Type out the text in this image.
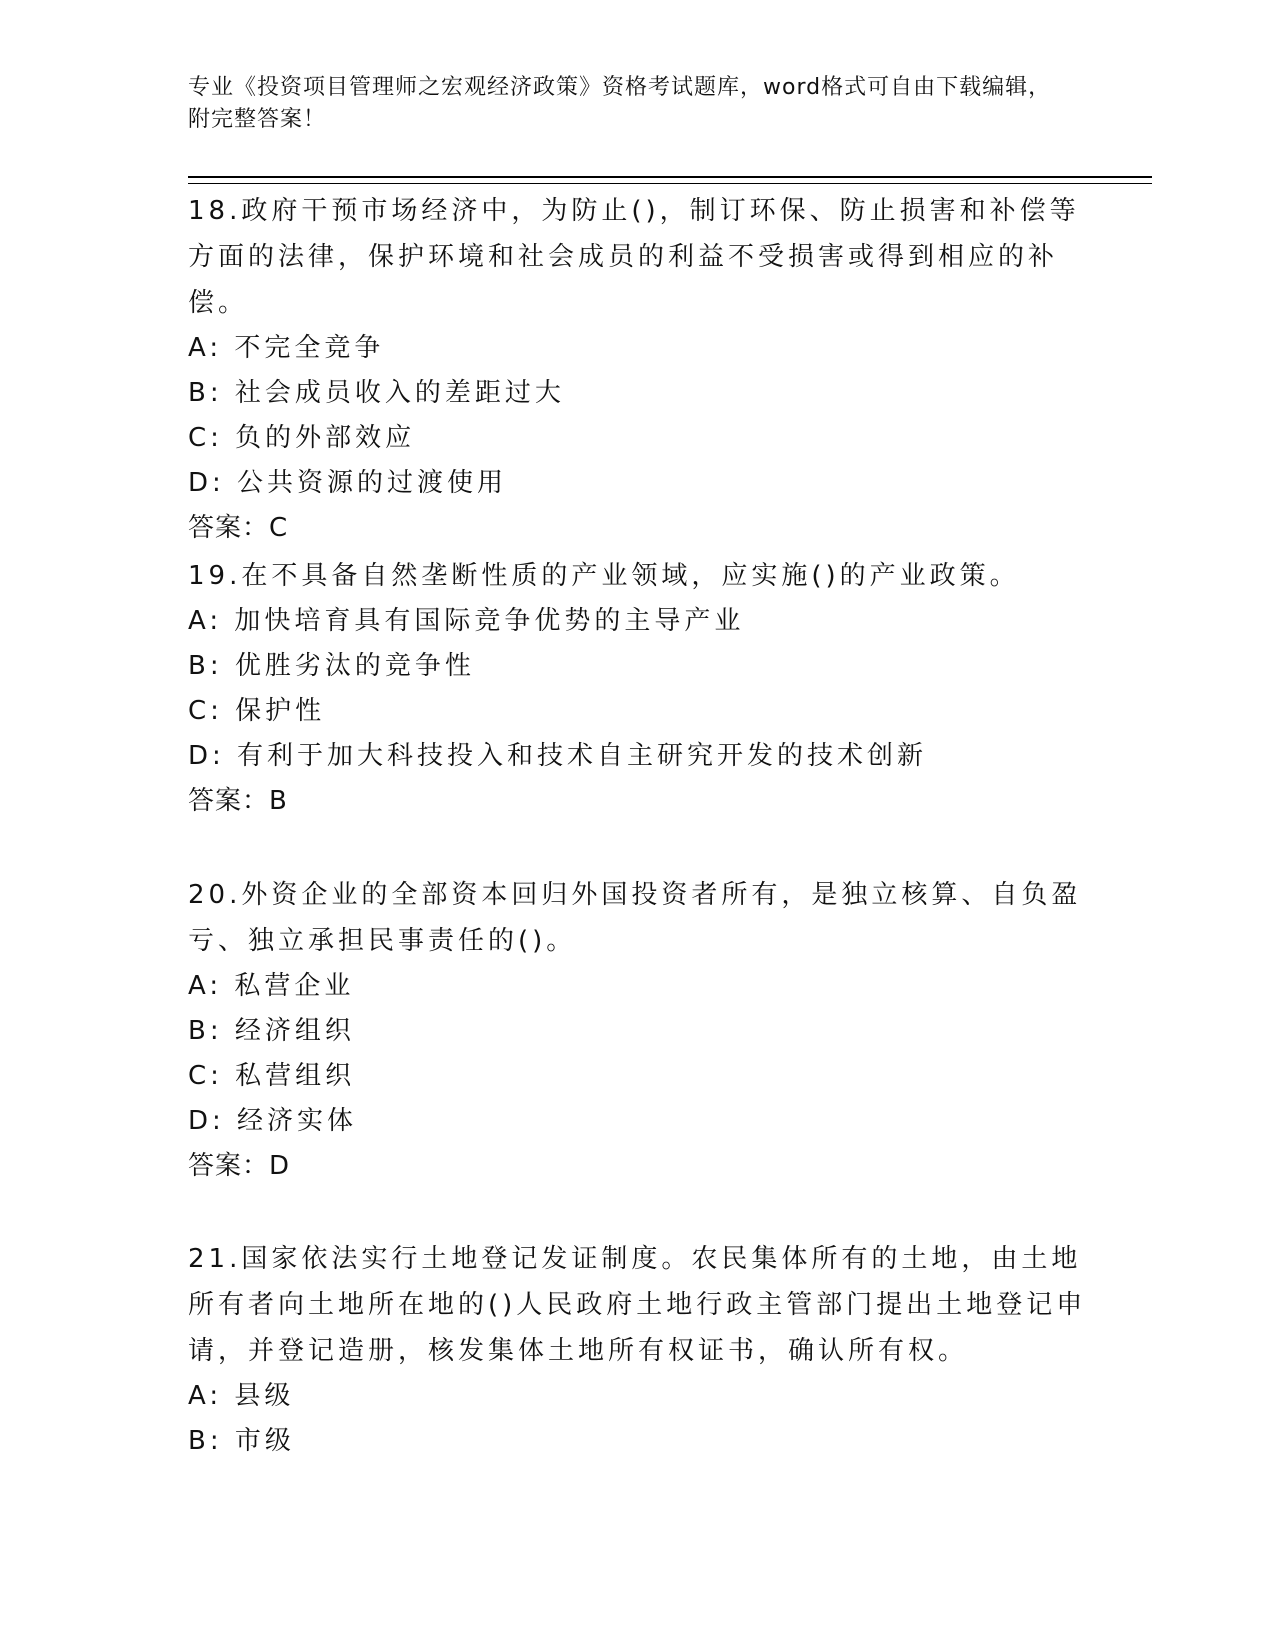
专业《投资项目管理师之宏观经济政策》资格考试题库，word格式可自由下载编辑，附完整答案！

18.政府干预市场经济中，为防止()，制订环保、防止损害和补偿等方面的法律，保护环境和社会成员的利益不受损害或得到相应的补偿。

A: 不完全竞争

B: 社会成员收入的差距过大

C: 负的外部效应

D: 公共资源的过渡使用

答案：C

19.在不具备自然垄断性质的产业领域，应实施()的产业政策。

A: 加快培育具有国际竞争优势的主导产业

B: 优胜劣汰的竞争性

C: 保护性

D: 有利于加大科技投入和技术自主研究开发的技术创新

答案：B

20.外资企业的全部资本回归外国投资者所有，是独立核算、自负盈亏、独立承担民事责任的()。

A: 私营企业

B: 经济组织

C: 私营组织

D: 经济实体

答案：D

21.国家依法实行土地登记发证制度。农民集体所有的土地，由土地所有者向土地所在地的()人民政府土地行政主管部门提出土地登记申请，并登记造册，核发集体土地所有权证书，确认所有权。

A: 县级

B: 市级
